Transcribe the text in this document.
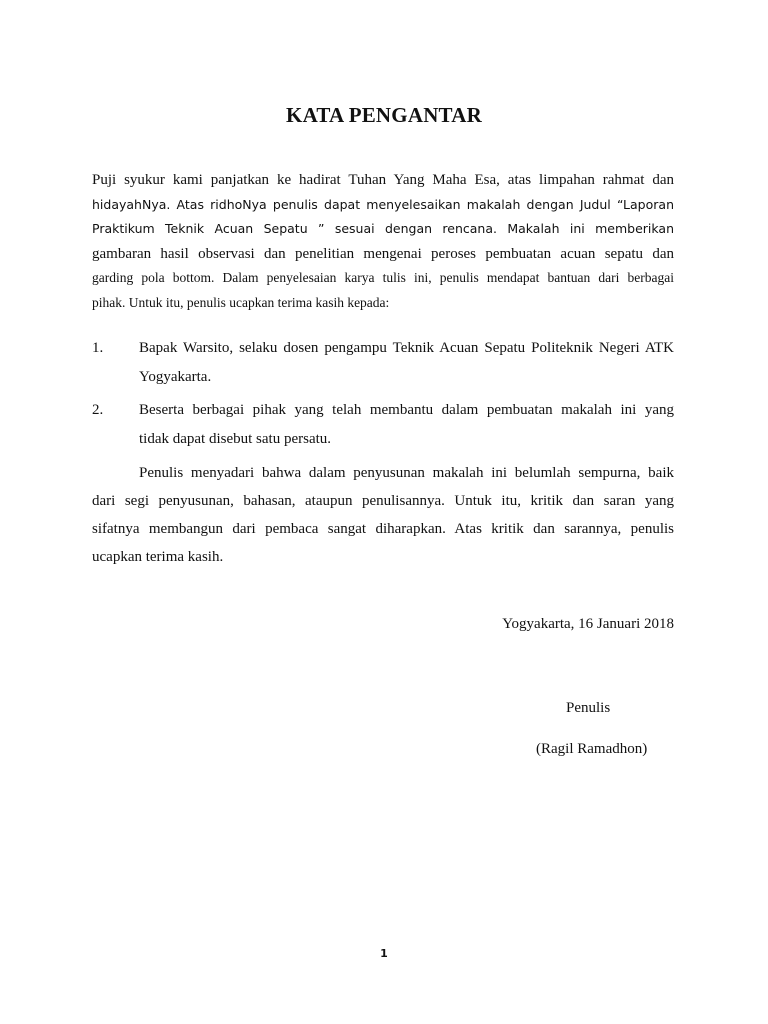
KATA PENGANTAR
Puji syukur kami panjatkan ke hadirat Tuhan Yang Maha Esa, atas limpahan rahmat dan
hidayahNya. Atas ridhoNya penulis dapat menyelesaikan makalah dengan Judul “Laporan
Praktikum Teknik Acuan Sepatu ” sesuai dengan rencana. Makalah ini memberikan
gambaran hasil observasi dan penelitian mengenai peroses pembuatan acuan sepatu dan
garding pola bottom. Dalam penyelesaian karya tulis ini, penulis mendapat bantuan dari berbagai
pihak. Untuk itu, penulis ucapkan terima kasih kepada:
1. Bapak Warsito, selaku dosen pengampu Teknik Acuan Sepatu Politeknik Negeri ATK
Yogyakarta.
2. Beserta berbagai pihak yang telah membantu dalam pembuatan makalah ini yang
tidak dapat disebut satu persatu.
Penulis menyadari bahwa dalam penyusunan makalah ini belumlah sempurna, baik
dari segi penyusunan, bahasan, ataupun penulisannya. Untuk itu, kritik dan saran yang
sifatnya membangun dari pembaca sangat diharapkan. Atas kritik dan sarannya, penulis
ucapkan terima kasih.
Yogyakarta, 16 Januari 2018
Penulis
(Ragil Ramadhon)
1
